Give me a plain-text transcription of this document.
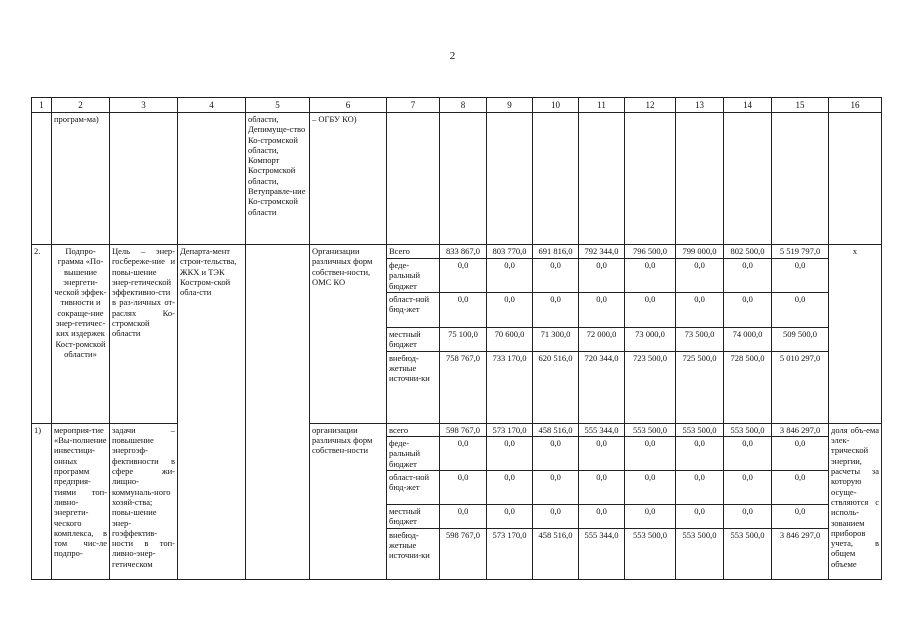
2
1	2	3	4	5	6	7	8	9	10	11	12	13	14	15	16
	програм-ма)			области, Депимуще-ство Ко-стромской области, Компорт Костромской области, Ветуправле-ние Ко-стромской области	– ОГБУ КО)										
2.	Подпро-грамма «По-вышение энергети-ческой эффек-тивности и сокраще-ние энер-гетичес-ких издержек Кост-ромской области»	Цель – энер-госбереже-ние и повы-шение энер-гетической эффективно-сти в раз-личных от-раслях Ко-стромской области	Департа-мент строи-тельства, ЖКХ и ТЭК Костром-ской обла-сти		Организации различных форм собствен-ности, ОМС КО	Всего	833 867,0	803 770,0	691 816,0	792 344,0	796 500,0	799 000,0	802 500,0	5 519 797,0	х
						феде-ральный бюджет	0,0	0,0	0,0	0,0	0,0	0,0	0,0	0,0	
						област-ной бюд-жет	0,0	0,0	0,0	0,0	0,0	0,0	0,0	0,0	
						местный бюджет	75 100,0	70 600,0	71 300,0	72 000,0	73 000,0	73 500,0	74 000,0	509 500,0	
						внебюд-жетные источни-ки	758 767,0	733 170,0	620 516,0	720 344,0	723 500,0	725 500,0	728 500,0	5 010 297,0	
1)	мероприя-тие «Вы-полнение инвестици-онных программ предприя-тиями топ-ливно-энергети-ческого комплекса, в том чис-ле подпро-	задачи – повышение энергоэф-фективности в сфере жи-лищно-коммуналь-ного хозяй-ства; повы-шение энер-гоэффектив-ности в топ-ливно-энер-гетическом			организации различных форм собствен-ности	всего	598 767,0	573 170,0	458 516,0	555 344,0	553 500,0	553 500,0	553 500,0	3 846 297,0	доля объ-ема элек-трической энергии, расчеты за которую осуще-ствляются с исполь-зованием приборов учета, в общем объеме
						феде-ральный бюджет	0,0	0,0	0,0	0,0	0,0	0,0	0,0	0,0	
						област-ной бюд-жет	0,0	0,0	0,0	0,0	0,0	0,0	0,0	0,0	
						местный бюджет	0,0	0,0	0,0	0,0	0,0	0,0	0,0	0,0	
						внебюд-жетные источни-ки	598 767,0	573 170,0	458 516,0	555 344,0	553 500,0	553 500,0	553 500,0	3 846 297,0	
